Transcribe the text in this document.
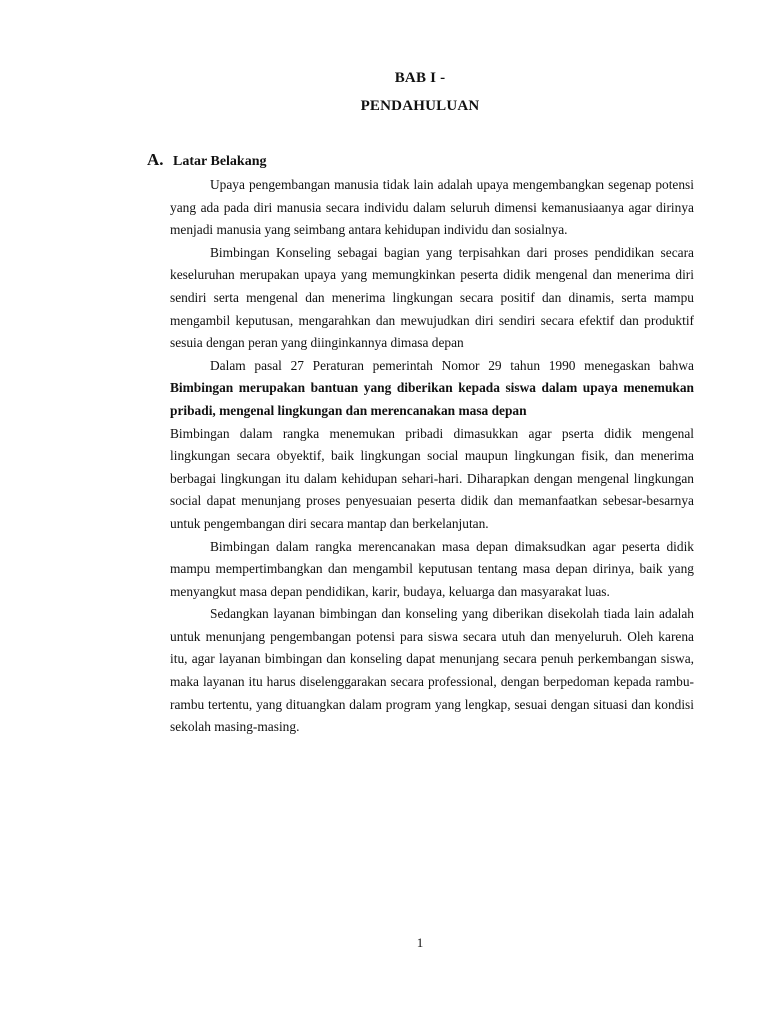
BAB I -
PENDAHULUAN
A. Latar Belakang

Upaya pengembangan manusia tidak lain adalah upaya mengembangkan segenap potensi yang ada pada diri manusia secara individu dalam seluruh dimensi kemanusiaanya agar dirinya menjadi manusia yang seimbang antara kehidupan individu dan sosialnya.

Bimbingan Konseling sebagai bagian yang terpisahkan dari proses pendidikan secara keseluruhan merupakan upaya yang memungkinkan peserta didik mengenal dan menerima diri sendiri serta mengenal dan menerima lingkungan secara positif dan dinamis, serta mampu mengambil keputusan, mengarahkan dan mewujudkan diri sendiri secara efektif dan produktif sesuia dengan peran yang diinginkannya dimasa depan

Dalam pasal 27 Peraturan pemerintah Nomor 29 tahun 1990 menegaskan bahwa Bimbingan merupakan bantuan yang diberikan kepada siswa dalam upaya menemukan pribadi, mengenal lingkungan dan merencanakan masa depan

Bimbingan dalam rangka menemukan pribadi dimasukkan agar pserta didik mengenal lingkungan secara obyektif, baik lingkungan social maupun lingkungan fisik, dan menerima berbagai lingkungan itu dalam kehidupan sehari-hari. Diharapkan dengan mengenal lingkungan social dapat menunjang proses penyesuaian peserta didik dan memanfaatkan sebesar-besarnya untuk pengembangan diri secara mantap dan berkelanjutan.

Bimbingan dalam rangka merencanakan masa depan dimaksudkan agar peserta didik mampu mempertimbangkan dan mengambil keputusan tentang masa depan dirinya, baik yang menyangkut masa depan pendidikan, karir, budaya, keluarga dan masyarakat luas.

Sedangkan layanan bimbingan dan konseling yang diberikan disekolah tiada lain adalah untuk menunjang pengembangan potensi para siswa secara utuh dan menyeluruh. Oleh karena itu, agar layanan bimbingan dan konseling dapat menunjang secara penuh perkembangan siswa, maka layanan itu harus diselenggarakan secara professional, dengan berpedoman kepada rambu-rambu tertentu, yang dituangkan dalam program yang lengkap, sesuai dengan situasi dan kondisi sekolah masing-masing.

1
